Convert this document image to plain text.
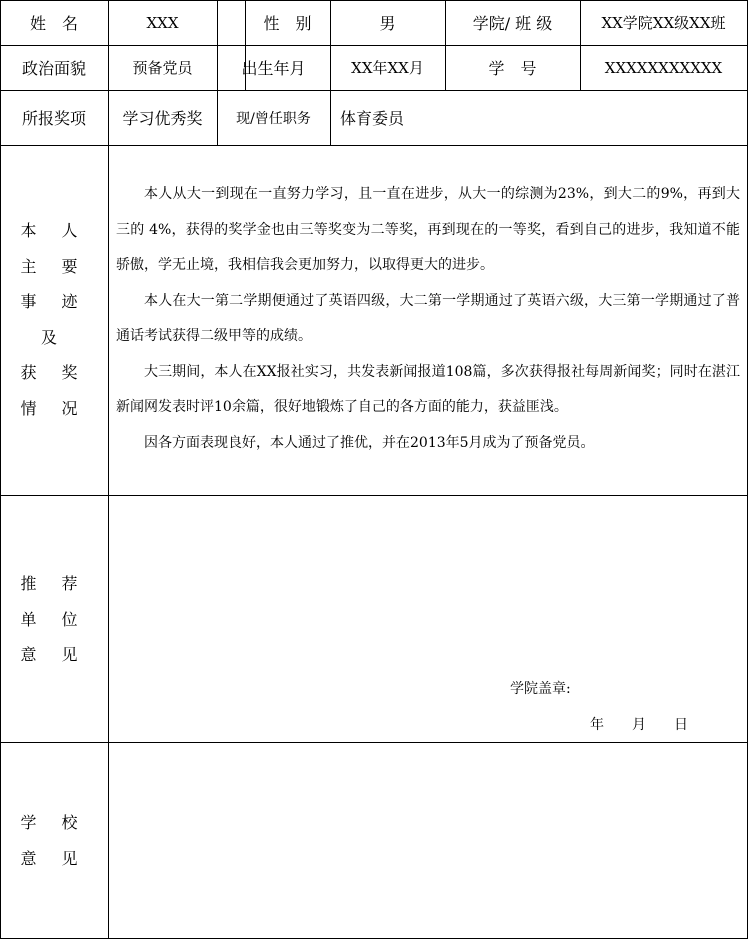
姓　名	XXX	性　别	男	学院/ 班 级	XX学院XX级XX班
政治面貌	预备党员	出生年月	XX年XX月	学　号	XXXXXXXXXXX
所报奖项	学习优秀奖	现/曾任职务	体育委员
本 人
主 要
事 迹
及
获 奖
情 况

本人从大一到现在一直努力学习，且一直在进步，从大一的综测为23%，到大二的9%，再到大三的 4%，获得的奖学金也由三等奖变为二等奖，再到现在的一等奖，看到自己的进步，我知道不能骄傲，学无止境，我相信我会更加努力，以取得更大的进步。

本人在大一第二学期便通过了英语四级，大二第一学期通过了英语六级，大三第一学期通过了普通话考试获得二级甲等的成绩。

大三期间，本人在XX报社实习，共发表新闻报道108篇，多次获得报社每周新闻奖；同时在湛江新闻网发表时评10余篇，很好地锻炼了自己的各方面的能力，获益匪浅。

因各方面表现良好，本人通过了推优，并在2013年5月成为了预备党员。

推 荐
单 位
意 见
学院盖章:
年　　月　　日
学 校
意 见
